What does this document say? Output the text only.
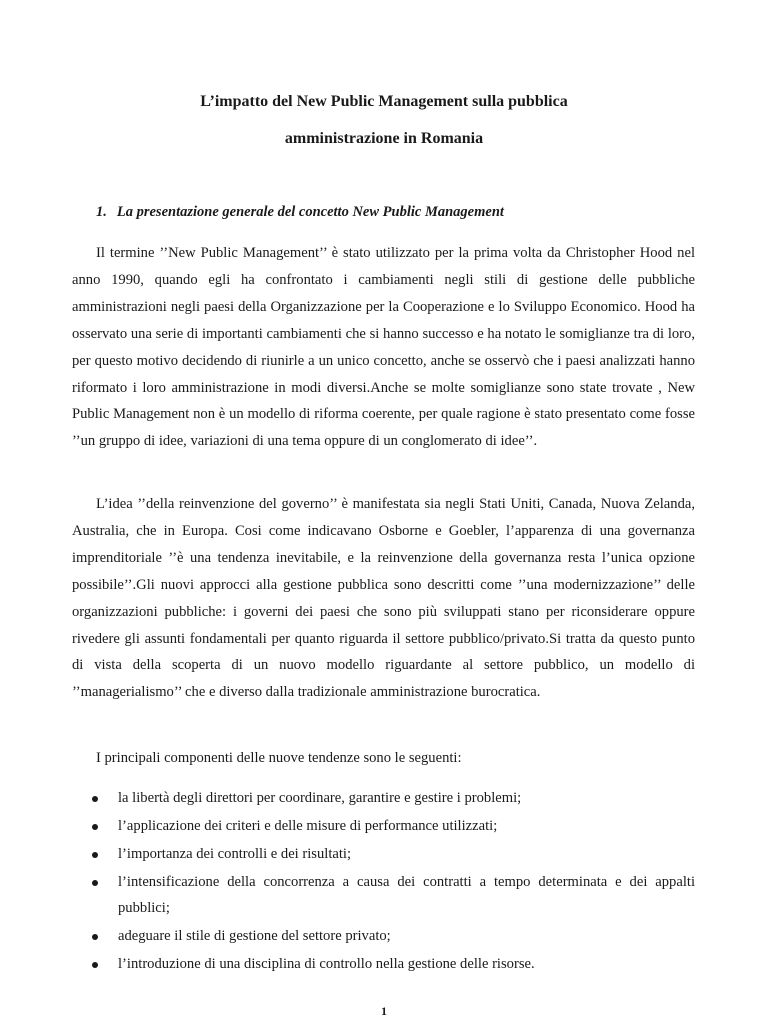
L’impatto del New Public Management sulla pubblica

amministrazione in Romania

1. La presentazione generale del concetto New Public Management

Il termine ’’New Public Management’’ è stato utilizzato per la prima volta da Christopher Hood nel anno 1990, quando egli ha confrontato i cambiamenti negli stili di gestione delle pubbliche amministrazioni negli paesi della Organizzazione per la Cooperazione e lo Sviluppo Economico. Hood ha osservato una serie di importanti cambiamenti che si hanno successo e ha notato le somiglianze tra di loro, per questo motivo decidendo di riunirle a un unico concetto, anche se osservò che i paesi analizzati hanno riformato i loro amministrazione in modi diversi.Anche se molte somiglianze sono state trovate , New Public Management non è un modello di riforma coerente, per quale ragione è stato presentato come fosse ’’un gruppo di idee, variazioni di una tema oppure di un conglomerato di idee’’.

L’idea ’’della reinvenzione del governo’’ è manifestata sia negli Stati Uniti, Canada, Nuova Zelanda, Australia, che in Europa. Cosi come indicavano Osborne e Goebler, l’apparenza di una governanza imprenditoriale ’’è una tendenza inevitabile, e la reinvenzione della governanza resta l’unica opzione possibile’’.Gli nuovi approcci alla gestione pubblica sono descritti come ’’una modernizzazione’’ delle organizzazioni pubbliche: i governi dei paesi che sono più sviluppati stano per riconsiderare oppure rivedere gli assunti fondamentali per quanto riguarda il settore pubblico/privato.Si tratta da questo punto di vista della scoperta di un nuovo modello riguardante al settore pubblico, un modello di ’’managerialismo’’ che e diverso dalla tradizionale amministrazione burocratica.

I principali componenti delle nuove tendenze sono le seguenti:

la libertà degli direttori per coordinare, garantire e gestire i problemi;
l’applicazione dei criteri e delle misure di performance utilizzati;
l’importanza dei controlli e dei risultati;
l’intensificazione della concorrenza a causa dei contratti a tempo determinata e dei appalti pubblici;
adeguare il stile di gestione del settore privato;
l’introduzione di una disciplina di controllo nella gestione delle risorse.

1
